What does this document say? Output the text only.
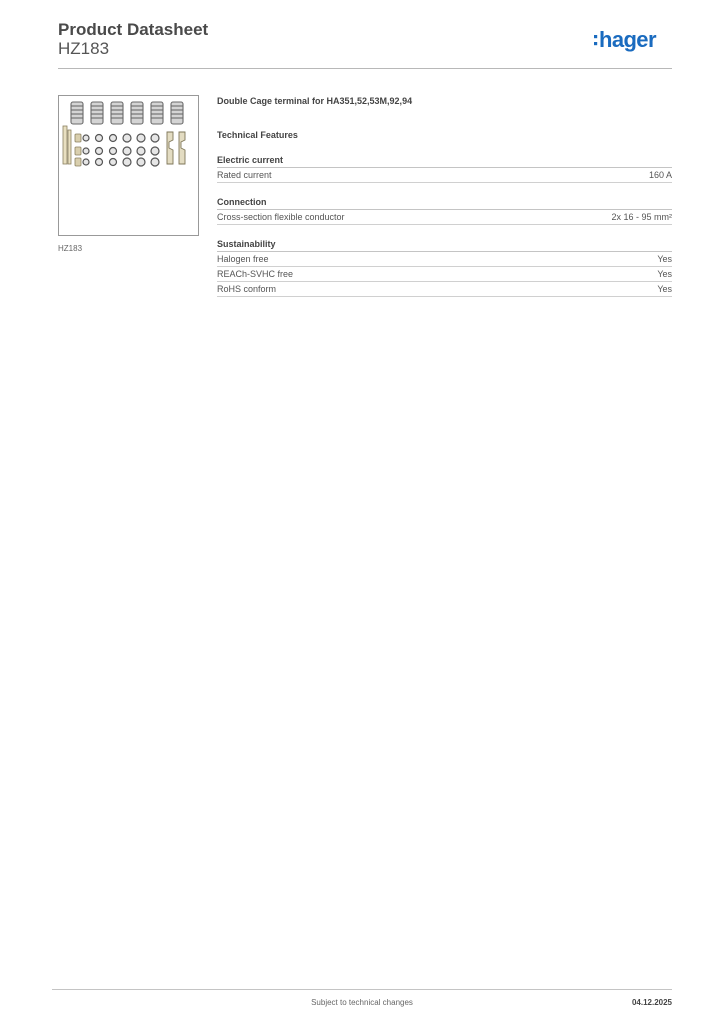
Product Datasheet
HZ183	hager
HZ183
Double Cage terminal for HA351,52,53M,92,94
Technical Features
Electric current
Rated current	160 A
Connection
Cross-section flexible conductor	2x 16 - 95 mm²
Sustainability
Halogen free	Yes
REACh-SVHC free	Yes
RoHS conform	Yes
Subject to technical changes	04.12.2025
